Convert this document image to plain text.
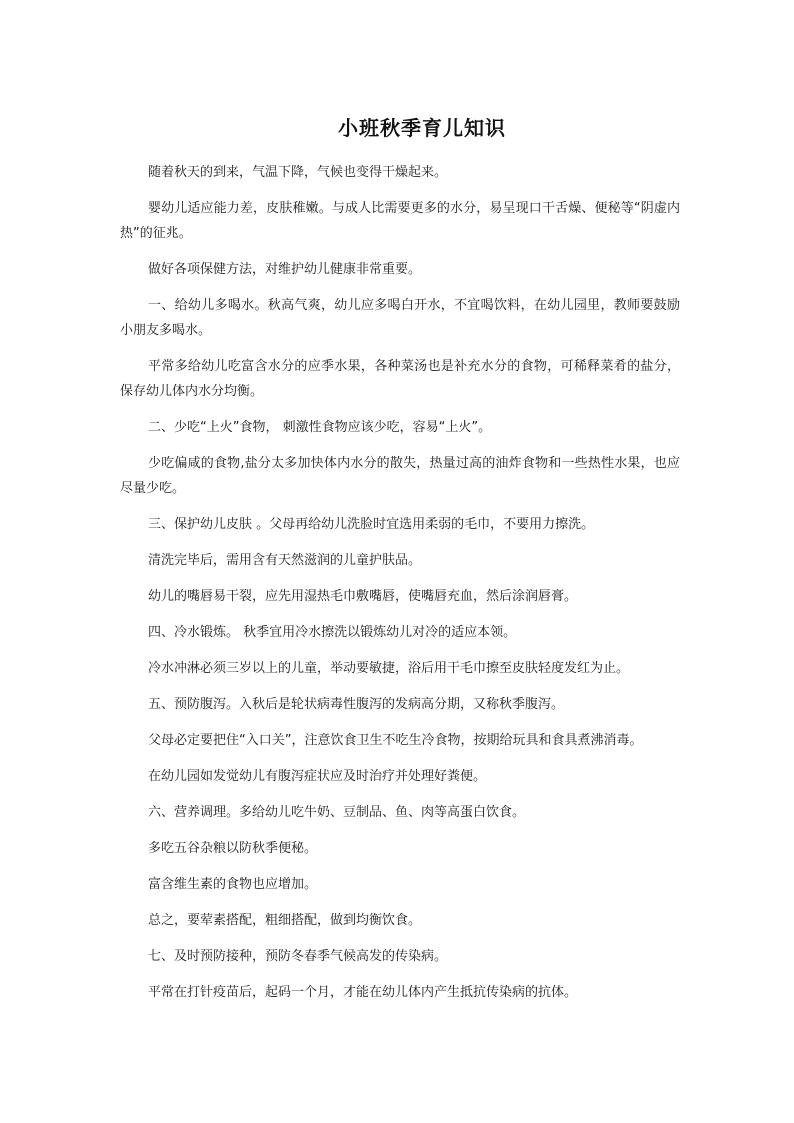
小班秋季育儿知识

随着秋天的到来，气温下降，气候也变得干燥起来。

婴幼儿适应能力差，皮肤稚嫩。与成人比需要更多的水分，易呈现口干舌燥、便秘等“阴虚内热”的征兆。

做好各项保健方法，对维护幼儿健康非常重要。

一、给幼儿多喝水。秋高气爽，幼儿应多喝白开水，不宜喝饮料，在幼儿园里，教师要鼓励小朋友多喝水。

平常多给幼儿吃富含水分的应季水果，各种菜汤也是补充水分的食物，可稀释菜肴的盐分，保存幼儿体内水分均衡。

二、少吃“上火”食物， 刺激性食物应该少吃，容易“上火”。

少吃偏咸的食物,盐分太多加快体内水分的散失，热量过高的油炸食物和一些热性水果，也应尽量少吃。

三、保护幼儿皮肤 。父母再给幼儿洗脸时宜选用柔弱的毛巾，不要用力擦洗。

清洗完毕后，需用含有天然滋润的儿童护肤品。

幼儿的嘴唇易干裂，应先用湿热毛巾敷嘴唇，使嘴唇充血，然后涂润唇膏。

四、冷水锻炼。 秋季宜用冷水擦洗以锻炼幼儿对冷的适应本领。

冷水冲淋必须三岁以上的儿童，举动要敏捷，浴后用干毛巾擦至皮肤轻度发红为止。

五、预防腹泻。入秋后是轮状病毒性腹泻的发病高分期，又称秋季腹泻。

父母必定要把住“入口关”，注意饮食卫生不吃生冷食物，按期给玩具和食具煮沸消毒。

在幼儿园如发觉幼儿有腹泻症状应及时治疗并处理好粪便。

六、营养调理。多给幼儿吃牛奶、豆制品、鱼、肉等高蛋白饮食。

多吃五谷杂粮以防秋季便秘。

富含维生素的食物也应增加。

总之，要荤素搭配，粗细搭配，做到均衡饮食。

七、及时预防接种，预防冬春季气候高发的传染病。

平常在打针疫苗后，起码一个月，才能在幼儿体内产生抵抗传染病的抗体。
